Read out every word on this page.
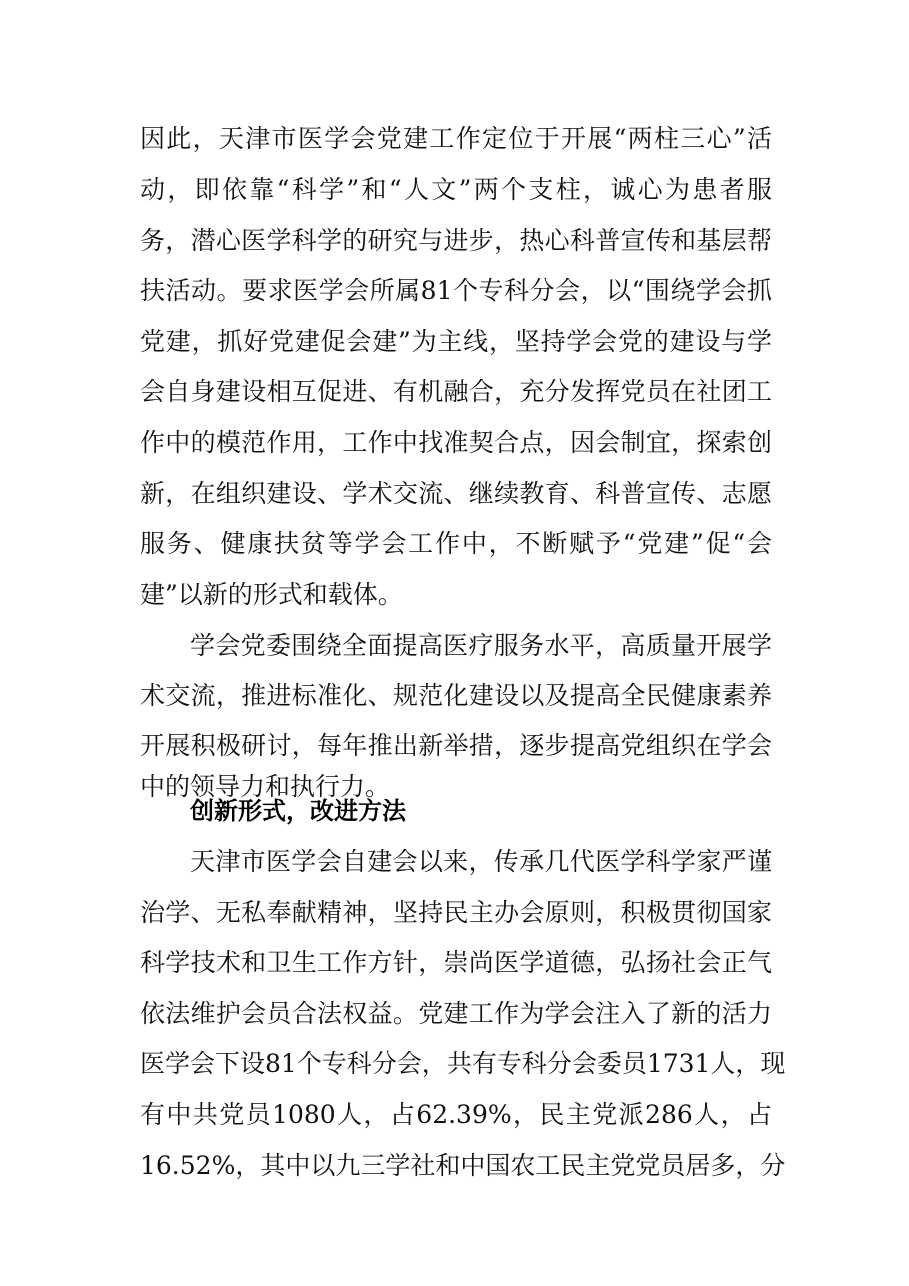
因此，天津市医学会党建工作定位于开展“两柱三心”活
动，即依靠“科学”和“人文”两个支柱，诚心为患者服
务，潜心医学科学的研究与进步，热心科普宣传和基层帮
扶活动。要求医学会所属81个专科分会，以“围绕学会抓
党建，抓好党建促会建”为主线，坚持学会党的建设与学
会自身建设相互促进、有机融合，充分发挥党员在社团工
作中的模范作用，工作中找准契合点，因会制宜，探索创
新，在组织建设、学术交流、继续教育、科普宣传、志愿
服务、健康扶贫等学会工作中，不断赋予“党建”促“会
建”以新的形式和载体。
学会党委围绕全面提高医疗服务水平，高质量开展学
术交流，推进标准化、规范化建设以及提高全民健康素养
开展积极研讨，每年推出新举措，逐步提高党组织在学会
创新形式，改进方法
天津市医学会自建会以来，传承几代医学科学家严谨
治学、无私奉献精神，坚持民主办会原则，积极贯彻国家
科学技术和卫生工作方针，崇尚医学道德，弘扬社会正气
依法维护会员合法权益。党建工作为学会注入了新的活力
医学会下设81个专科分会，共有专科分会委员1731人，现
有中共党员1080人，占62.39%，民主党派286人，占
16.52%，其中以九三学社和中国农工民主党党员居多，分
中的领导力和执行力。
